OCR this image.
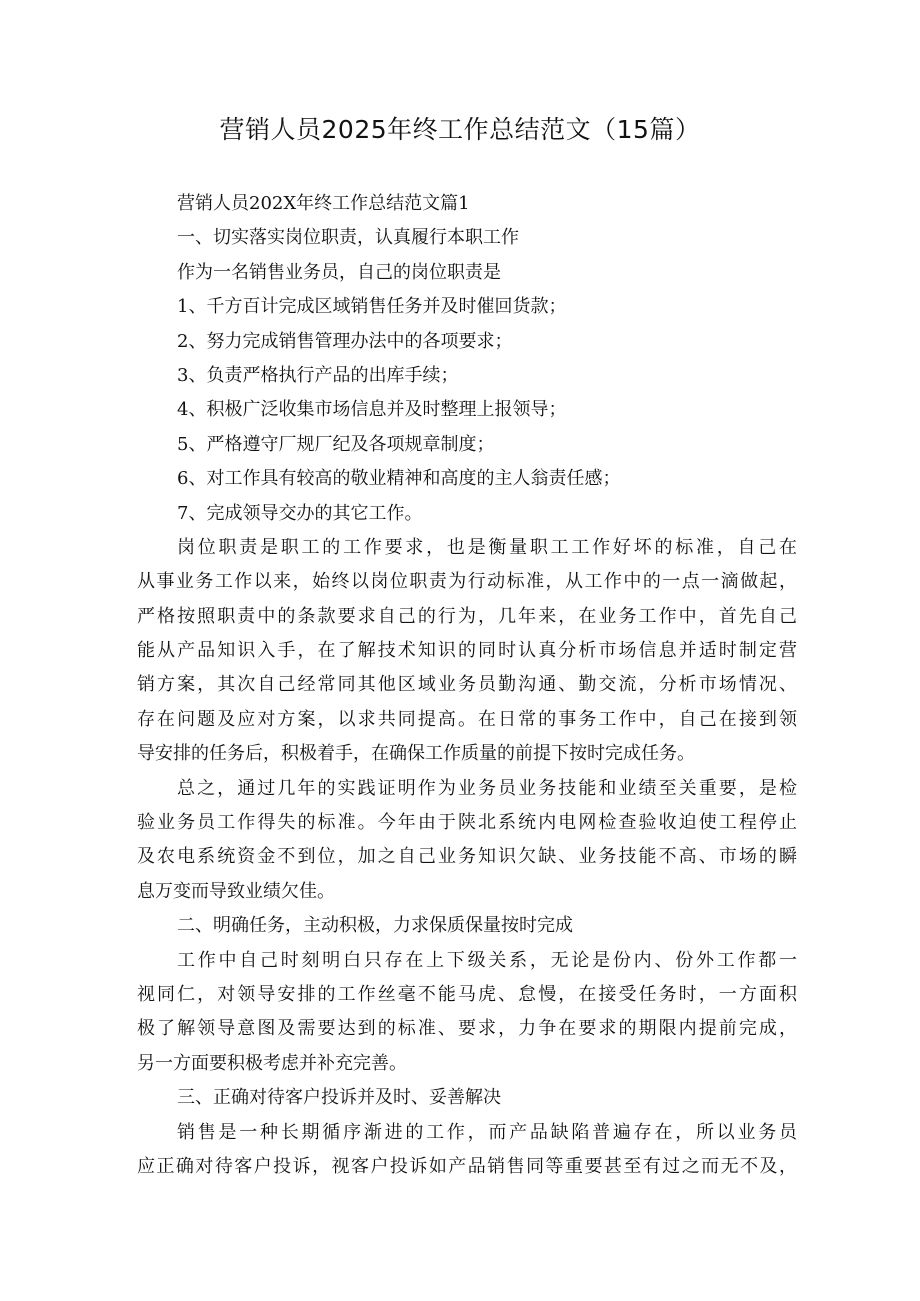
营销人员2025年终工作总结范文（15篇）
营销人员202X年终工作总结范文篇1
一、切实落实岗位职责，认真履行本职工作
作为一名销售业务员，自己的岗位职责是
1、千方百计完成区域销售任务并及时催回货款；
2、努力完成销售管理办法中的各项要求；
3、负责严格执行产品的出库手续；
4、积极广泛收集市场信息并及时整理上报领导；
5、严格遵守厂规厂纪及各项规章制度；
6、对工作具有较高的敬业精神和高度的主人翁责任感；
7、完成领导交办的其它工作。
岗位职责是职工的工作要求，也是衡量职工工作好坏的标准，自己在
从事业务工作以来，始终以岗位职责为行动标准，从工作中的一点一滴做起，
严格按照职责中的条款要求自己的行为，几年来，在业务工作中，首先自己
能从产品知识入手，在了解技术知识的同时认真分析市场信息并适时制定营
销方案，其次自己经常同其他区域业务员勤沟通、勤交流，分析市场情况、
存在问题及应对方案，以求共同提高。在日常的事务工作中，自己在接到领
导安排的任务后，积极着手，在确保工作质量的前提下按时完成任务。
总之，通过几年的实践证明作为业务员业务技能和业绩至关重要，是检
验业务员工作得失的标准。今年由于陕北系统内电网检查验收迫使工程停止
及农电系统资金不到位，加之自己业务知识欠缺、业务技能不高、市场的瞬
息万变而导致业绩欠佳。
二、明确任务，主动积极，力求保质保量按时完成
工作中自己时刻明白只存在上下级关系，无论是份内、份外工作都一
视同仁，对领导安排的工作丝毫不能马虎、怠慢，在接受任务时，一方面积
极了解领导意图及需要达到的标准、要求，力争在要求的期限内提前完成，
另一方面要积极考虑并补充完善。
三、正确对待客户投诉并及时、妥善解决
销售是一种长期循序渐进的工作，而产品缺陷普遍存在，所以业务员
应正确对待客户投诉，视客户投诉如产品销售同等重要甚至有过之而无不及，
